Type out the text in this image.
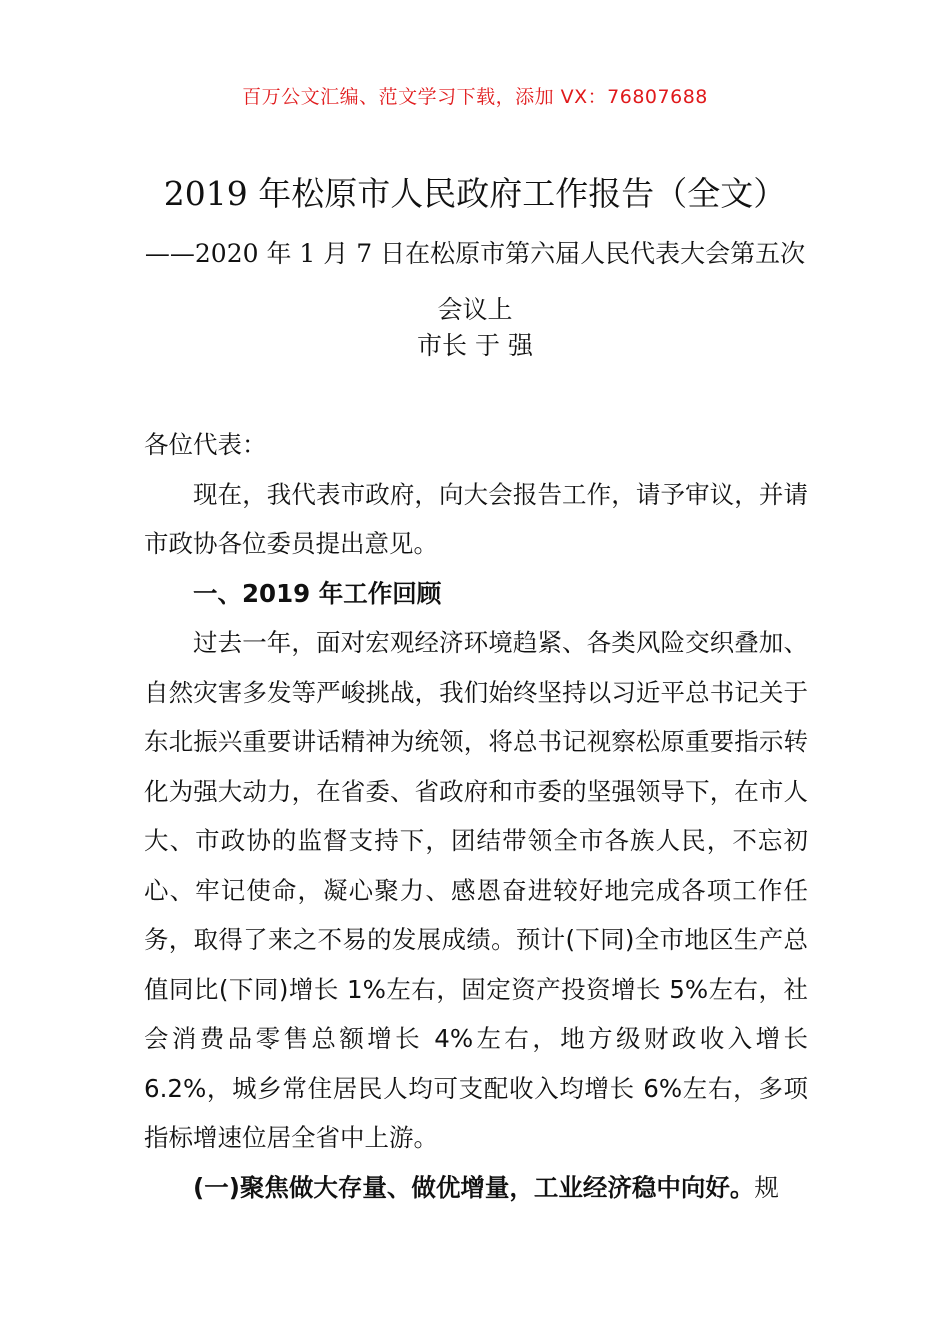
百万公文汇编、范文学习下载，添加 VX：76807688
2019 年松原市人民政府工作报告（全文）
——2020 年 1 月 7 日在松原市第六届人民代表大会第五次会议上
市长 于 强

各位代表：

现在，我代表市政府，向大会报告工作，请予审议，并请市政协各位委员提出意见。

一、2019 年工作回顾

过去一年，面对宏观经济环境趋紧、各类风险交织叠加、自然灾害多发等严峻挑战，我们始终坚持以习近平总书记关于东北振兴重要讲话精神为统领，将总书记视察松原重要指示转化为强大动力，在省委、省政府和市委的坚强领导下，在市人大、市政协的监督支持下，团结带领全市各族人民，不忘初心、牢记使命，凝心聚力、感恩奋进较好地完成各项工作任务，取得了来之不易的发展成绩。预计(下同)全市地区生产总值同比(下同)增长 1%左右，固定资产投资增长 5%左右，社会消费品零售总额增长 4%左右，地方级财政收入增长 6.2%，城乡常住居民人均可支配收入均增长 6%左右，多项指标增速位居全省中上游。

(一)聚焦做大存量、做优增量，工业经济稳中向好。规
